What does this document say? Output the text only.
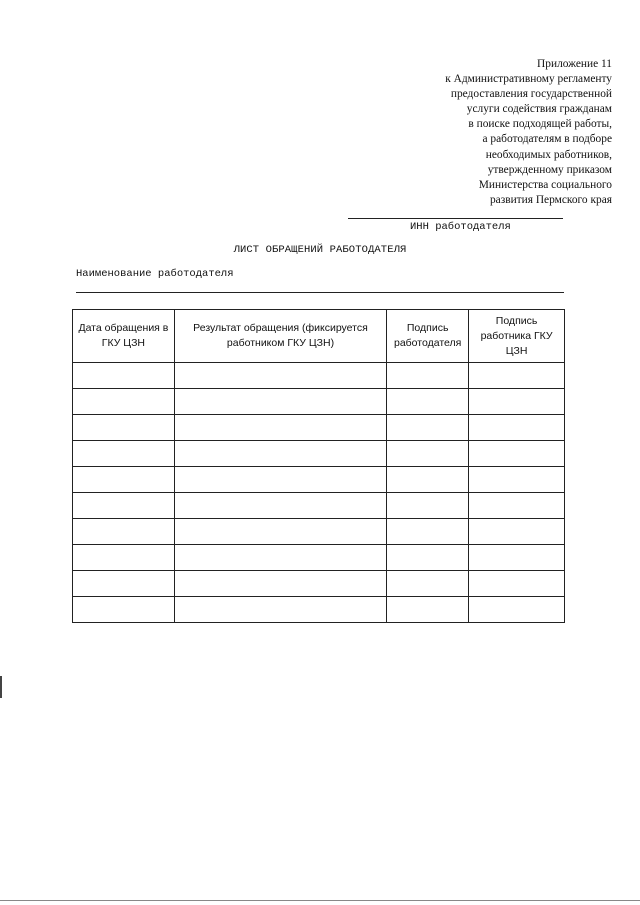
Приложение 11
к Административному регламенту
предоставления государственной
услуги содействия гражданам
в поиске подходящей работы,
а работодателям в подборе
необходимых работников,
утвержденному приказом
Министерства социального
развития Пермского края
ИНН работодателя
ЛИСТ ОБРАЩЕНИЙ РАБОТОДАТЕЛЯ
Наименование работодателя
Дата обращения в ГКУ ЦЗН	Результат обращения (фиксируется работником ГКУ ЦЗН)	Подпись работодателя	Подпись работника ГКУ ЦЗН
